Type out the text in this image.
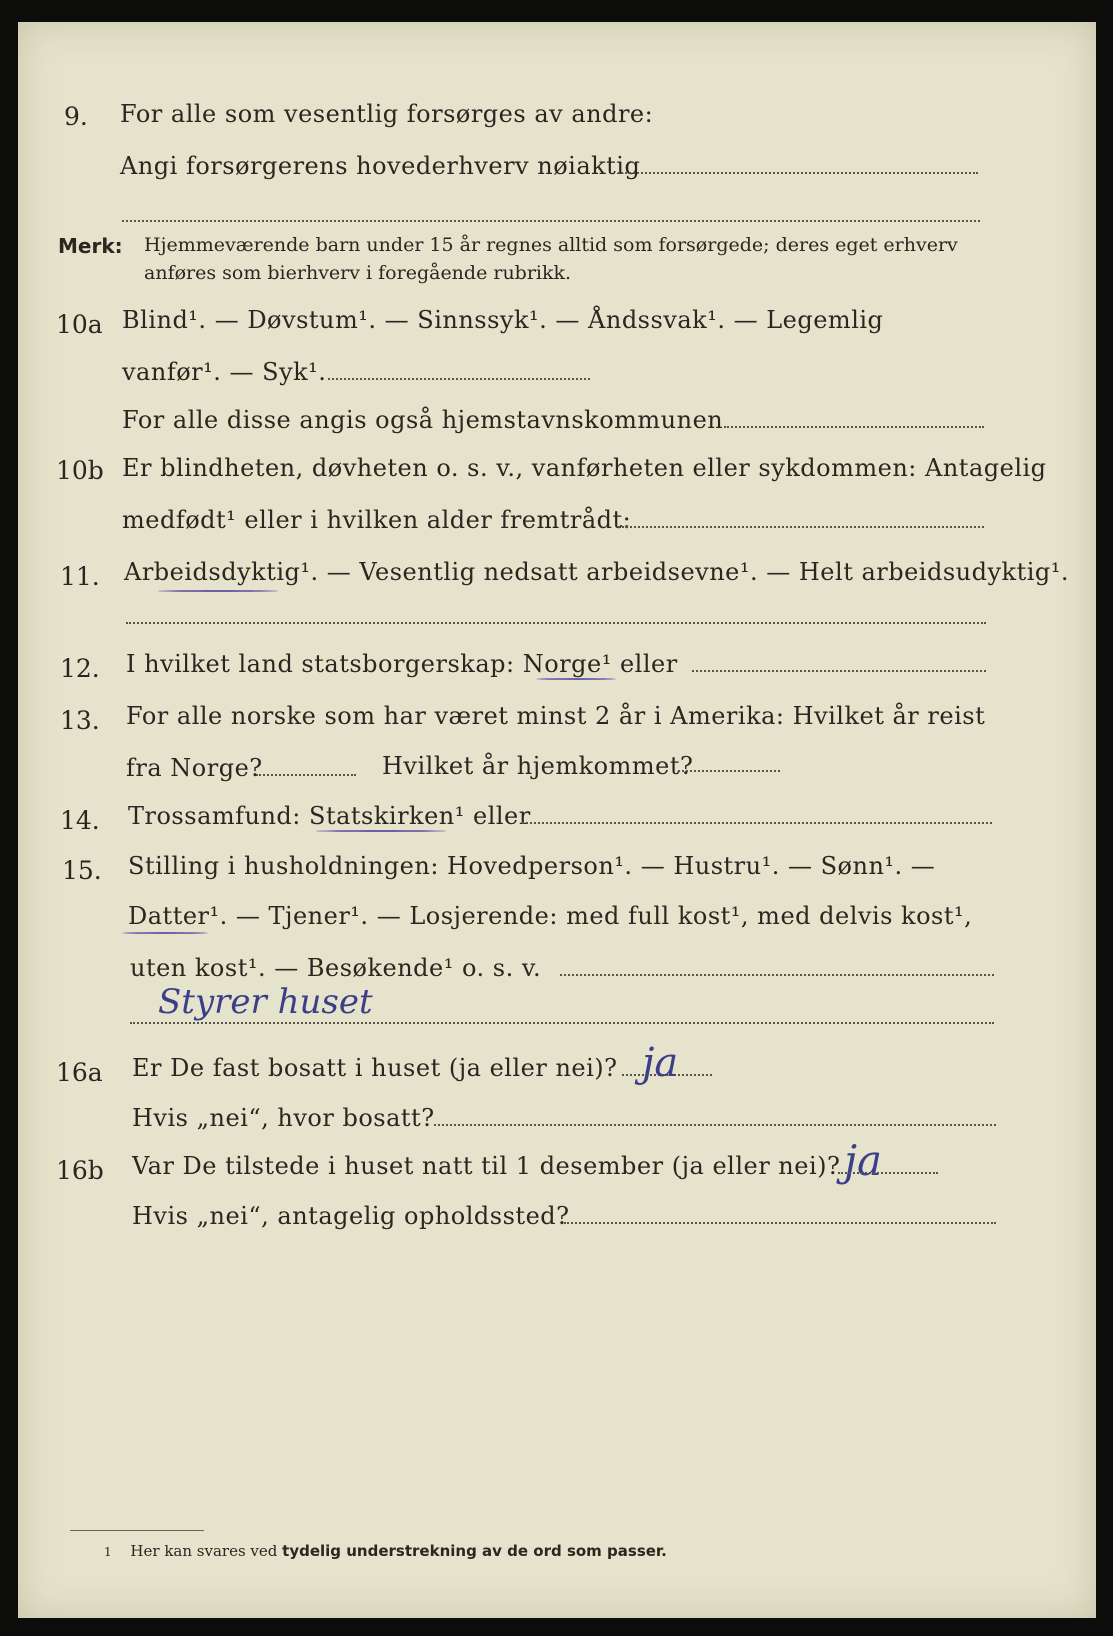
9. For alle som vesentlig forsørges av andre:
Angi forsørgerens hovederhverv nøiaktig
Merk: Hjemmeværende barn under 15 år regnes alltid som forsørgede; deres eget erhverv
anføres som bierhverv i foregående rubrikk.
10a Blind¹. — Døvstum¹. — Sinnssyk¹. — Åndssvak¹. — Legemlig
vanfør¹. — Syk¹.
For alle disse angis også hjemstavnskommunen
10b Er blindheten, døvheten o. s. v., vanførheten eller sykdommen: Antagelig
medfødt¹ eller i hvilken alder fremtrådt:
11. Arbeidsdyktig¹. — Vesentlig nedsatt arbeidsevne¹. — Helt arbeidsudyktig¹.
12. I hvilket land statsborgerskap: Norge¹ eller
13. For alle norske som har været minst 2 år i Amerika: Hvilket år reist
fra Norge?	Hvilket år hjemkommet?
14. Trossamfund: Statskirken¹ eller
15. Stilling i husholdningen: Hovedperson¹. — Hustru¹. — Sønn¹. —
Datter¹. — Tjener¹. — Losjerende: med full kost¹, med delvis kost¹,
uten kost¹. — Besøkende¹ o. s. v.
Styrer huset
16a Er De fast bosatt i huset (ja eller nei)? ja
Hvis „nei“, hvor bosatt?
16b Var De tilstede i huset natt til 1 desember (ja eller nei)? ja
Hvis „nei“, antagelig opholdssted?
1 Her kan svares ved tydelig understrekning av de ord som passer.
